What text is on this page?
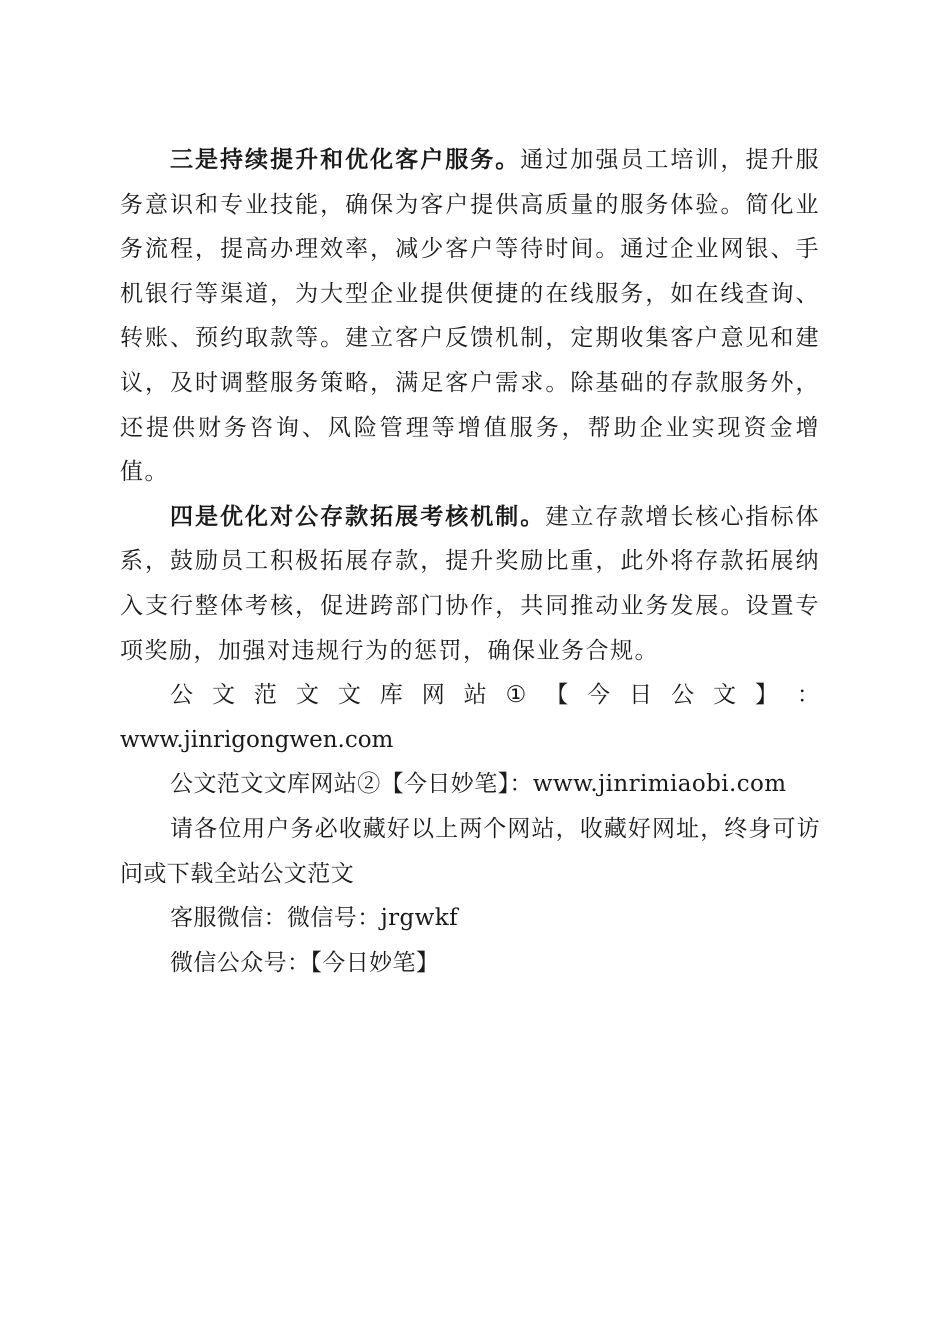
三是持续提升和优化客户服务。通过加强员工培训，提升服务意识和专业技能，确保为客户提供高质量的服务体验。简化业务流程，提高办理效率，减少客户等待时间。通过企业网银、手机银行等渠道，为大型企业提供便捷的在线服务，如在线查询、转账、预约取款等。建立客户反馈机制，定期收集客户意见和建议，及时调整服务策略，满足客户需求。除基础的存款服务外，还提供财务咨询、风险管理等增值服务，帮助企业实现资金增值。

四是优化对公存款拓展考核机制。建立存款增长核心指标体系，鼓励员工积极拓展存款，提升奖励比重，此外将存款拓展纳入支行整体考核，促进跨部门协作，共同推动业务发展。设置专项奖励，加强对违规行为的惩罚，确保业务合规。

公 文 范 文 文 库 网 站 ① 【 今 日 公 文 】 ：

www.jinrigongwen.com

公文范文文库网站②【今日妙笔】：www.jinrimiaobi.com

请各位用户务必收藏好以上两个网站，收藏好网址，终身可访问或下载全站公文范文

客服微信：微信号：jrgwkf

微信公众号：【今日妙笔】
